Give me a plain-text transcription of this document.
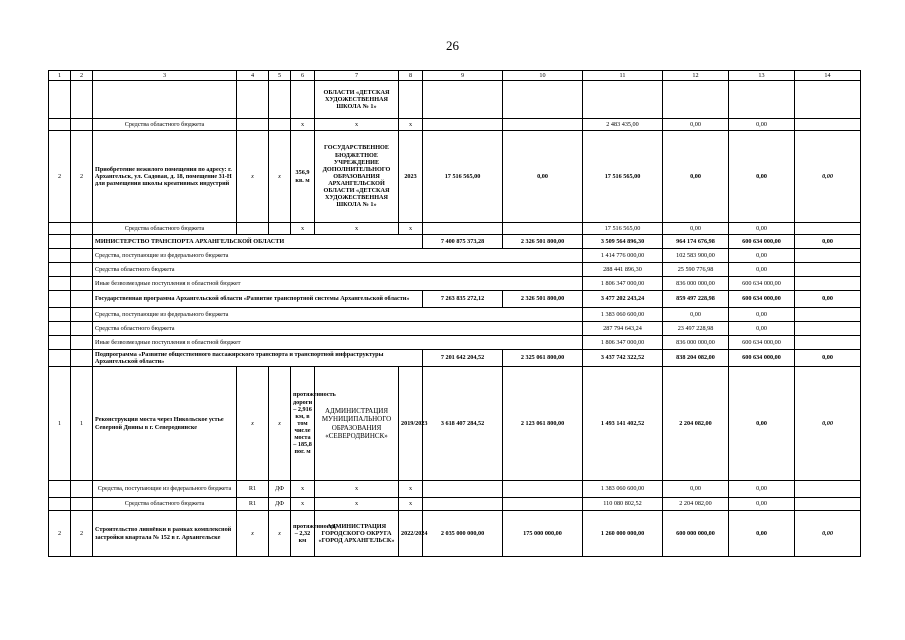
26
1	2	3	4	5	6	7	8	9	10	11	12	13	14
						ОБЛАСТИ «ДЕТСКАЯ ХУДОЖЕСТВЕННАЯ ШКОЛА № 1»							
		Средства областного бюджета			х	х	х			2 483 435,00	0,00	0,00	
2	2	Приобретение нежилого помещения по адресу: г. Архангельск, ул. Садовая, д. 18, помещение 31-Н для размещения школы креативных индустрий	х	х	356,9 кв. м	ГОСУДАРСТВЕННОЕ БЮДЖЕТНОЕ УЧРЕЖДЕНИЕ ДОПОЛНИТЕЛЬНОГО ОБРАЗОВАНИЯ АРХАНГЕЛЬСКОЙ ОБЛАСТИ «ДЕТСКАЯ ХУДОЖЕСТВЕННАЯ ШКОЛА № 1»	2023	17 516 565,00	0,00	17 516 565,00	0,00	0,00	0,00
		Средства областного бюджета			х	х	х			17 516 565,00	0,00	0,00	
		МИНИСТЕРСТВО ТРАНСПОРТА АРХАНГЕЛЬСКОЙ ОБЛАСТИ						7 400 875 373,28	2 326 501 800,00	3 509 564 896,30	964 174 676,98	600 634 000,00	0,00
		Средства, поступающие из федерального бюджета								1 414 776 000,00	102 583 900,00	0,00	
		Средства областного бюджета								288 441 896,30	25 590 776,98	0,00	
		Иные безвозмездные поступления в областной бюджет								1 806 347 000,00	836 000 000,00	600 634 000,00	
		Государственная программа Архангельской области «Развитие транспортной системы Архангельской области»						7 263 835 272,12	2 326 501 800,00	3 477 202 243,24	859 497 228,98	600 634 000,00	0,00
		Средства, поступающие из федерального бюджета								1 383 060 600,00	0,00	0,00	
		Средства областного бюджета								287 794 643,24	23 497 228,98	0,00	
		Иные безвозмездные поступления в областной бюджет								1 806 347 000,00	836 000 000,00	600 634 000,00	
		Подпрограмма «Развитие общественного пассажирского транспорта и транспортной инфраструктуры Архангельской области»						7 201 642 204,52	2 325 061 800,00	3 437 742 322,52	838 204 082,00	600 634 000,00	0,00
1	1	Реконструкция моста через Никольское устье Северной Двины в г. Северодвинске	х	х	протяженность дороги – 2,916 км, в том числе моста – 185,8 пог. м	АДМИНИСТРАЦИЯ МУНИЦИПАЛЬНОГО ОБРАЗОВАНИЯ «СЕВЕРОДВИНСК»	2019/2023	3 618 407 284,52	2 123 061 800,00	1 493 141 402,52	2 204 082,00	0,00	0,00
		Средства, поступающие из федерального бюджета	R1	ДФ	х	х	х			1 383 060 600,00	0,00	0,00	
		Средства областного бюджета	R1	ДФ	х	х	х			110 080 802,52	2 204 082,00	0,00	
2	2	Строительство ливнёвки в рамках комплексной застройки квартала № 152 в г. Архангельске	х	х	протяженность – 2,32 км	АДМИНИСТРАЦИЯ ГОРОДСКОГО ОКРУГА «ГОРОД АРХАНГЕЛЬСК»	2022/2024	2 035 000 000,00	175 000 000,00	1 260 000 000,00	600 000 000,00	0,00	0,00
